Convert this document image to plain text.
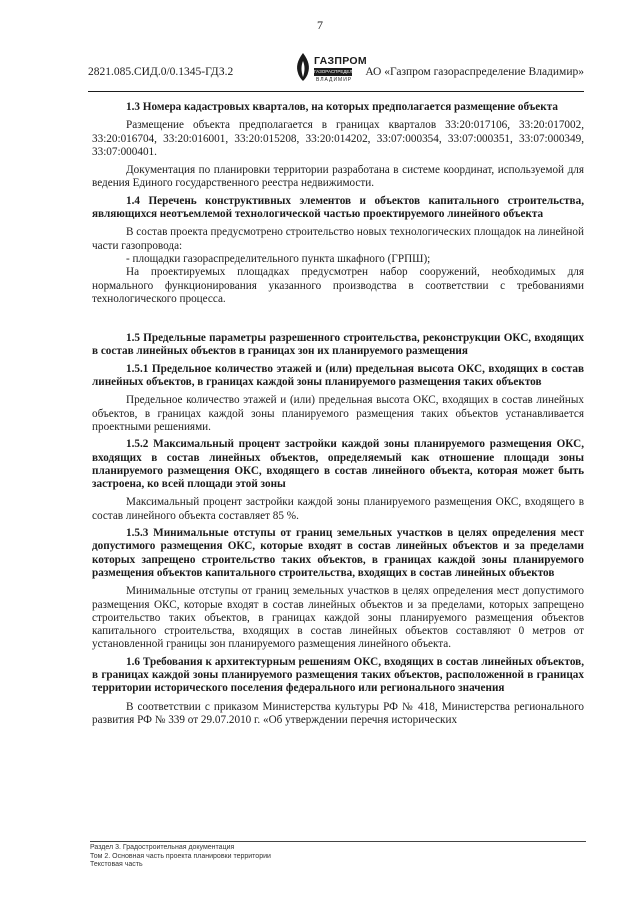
7
2821.085.СИД.0/0.1345-ГДЗ.2
ГАЗПРОМ
ГАЗОРАСПРЕДЕЛЕНИЕ
ВЛАДИМИР
АО «Газпром газораспределение Владимир»

1.3 Номера кадастровых кварталов, на которых предполагается размещение объекта

Размещение объекта предполагается в границах кварталов 33:20:017106, 33:20:017002, 33:20:016704, 33:20:016001, 33:20:015208, 33:20:014202, 33:07:000354, 33:07:000351, 33:07:000349, 33:07:000401.

Документация по планировки территории разработана в системе координат, используемой для ведения Единого государственного реестра недвижимости.

1.4 Перечень конструктивных элементов и объектов капитального строительства, являющихся неотъемлемой технологической частью проектируемого линейного объекта

В состав проекта предусмотрено строительство новых технологических площадок на линейной части газопровода:

- площадки газораспределительного пункта шкафного (ГРПШ);

На проектируемых площадках предусмотрен набор сооружений, необходимых для нормального функционирования указанного производства в соответствии с требованиями технологического процесса.

1.5 Предельные параметры разрешенного строительства, реконструкции ОКС, входящих в состав линейных объектов в границах зон их планируемого размещения

1.5.1 Предельное количество этажей и (или) предельная высота ОКС, входящих в состав линейных объектов, в границах каждой зоны планируемого размещения таких объектов

Предельное количество этажей и (или) предельная высота ОКС, входящих в состав линейных объектов, в границах каждой зоны планируемого размещения таких объектов устанавливается проектными решениями.

1.5.2 Максимальный процент застройки каждой зоны планируемого размещения ОКС, входящих в состав линейных объектов, определяемый как отношение площади зоны планируемого размещения ОКС, входящего в состав линейного объекта, которая может быть застроена, ко всей площади этой зоны

Максимальный процент застройки каждой зоны планируемого размещения ОКС, входящего в состав линейного объекта составляет 85 %.

1.5.3 Минимальные отступы от границ земельных участков в целях определения мест допустимого размещения ОКС, которые входят в состав линейных объектов и за пределами которых запрещено строительство таких объектов, в границах каждой зоны планируемого размещения объектов капитального строительства, входящих в состав линейных объектов

Минимальные отступы от границ земельных участков в целях определения мест допустимого размещения ОКС, которые входят в состав линейных объектов и за пределами, которых запрещено строительство таких объектов, в границах каждой зоны планируемого размещения объектов капитального строительства, входящих в состав линейных объектов составляют 0 метров от установленной границы зон планируемого размещения линейного объекта.

1.6 Требования к архитектурным решениям ОКС, входящих в состав линейных объектов, в границах каждой зоны планируемого размещения таких объектов, расположенной в границах территории исторического поселения федерального или регионального значения

В соответствии с приказом Министерства культуры РФ № 418, Министерства регионального развития РФ № 339 от 29.07.2010 г. «Об утверждении перечня исторических

Раздел 3. Градостроительная документация
Том 2. Основная часть проекта планировки территории
Текстовая часть
